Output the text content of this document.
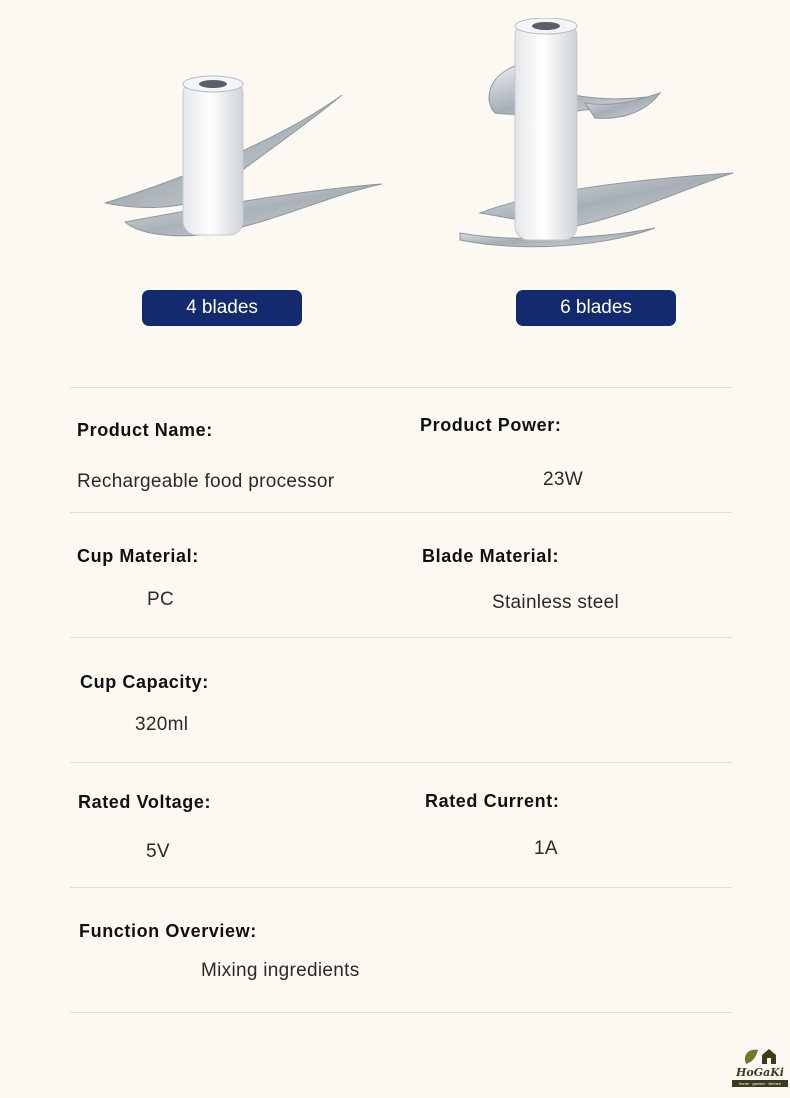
4 blades	6 blades
Product Name:
Rechargeable food processor
Product Power:
23W
Cup Material:
PC
Blade Material:
Stainless steel
Cup Capacity:
320ml
Rated Voltage:
5V
Rated Current:
1A
Function Overview:
Mixing ingredients
HoGaKi
home · garden · kitchen
